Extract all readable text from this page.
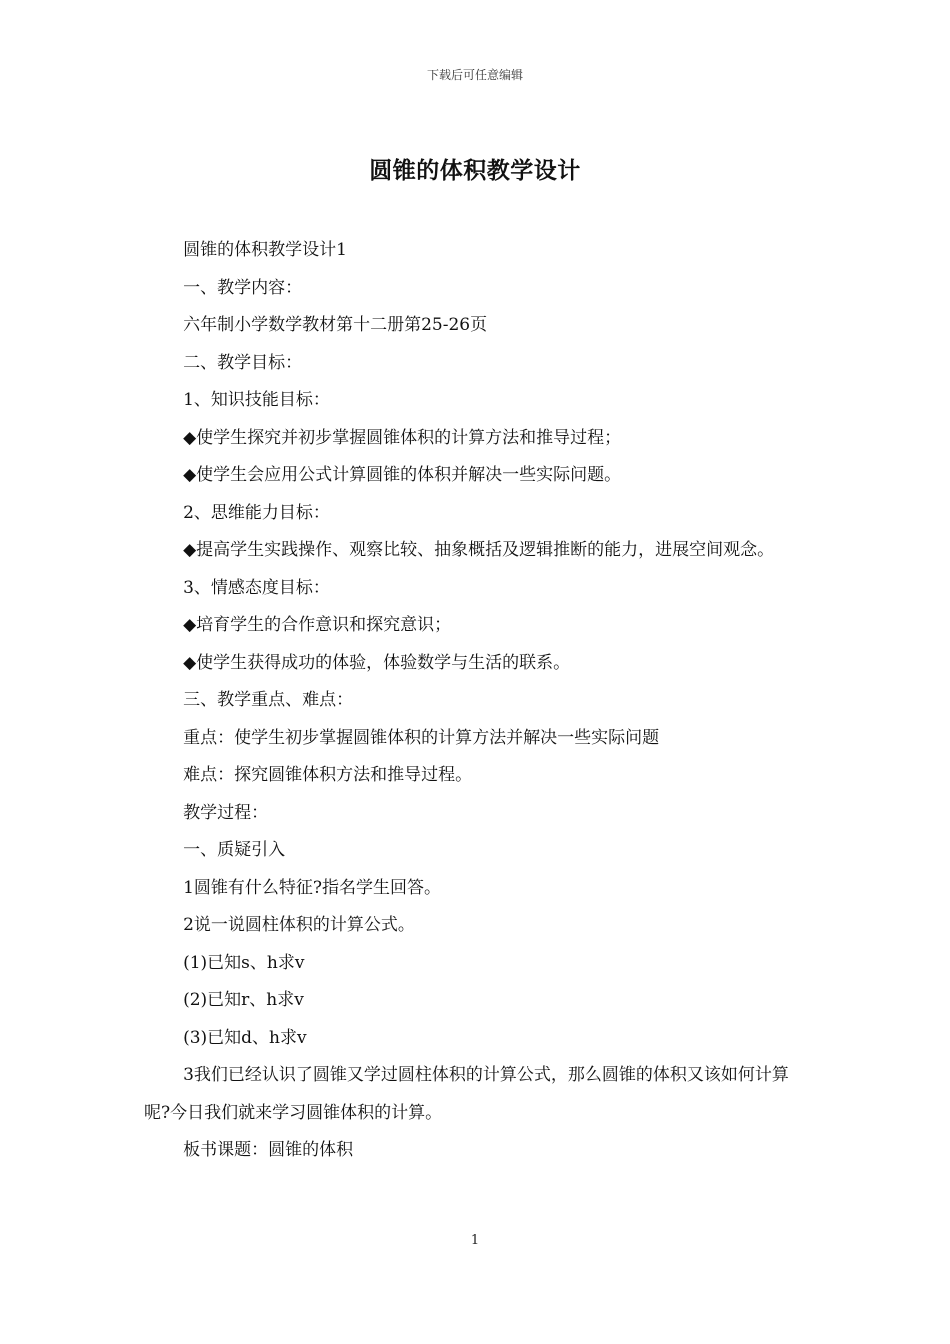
下载后可任意编辑
圆锥的体积教学设计

圆锥的体积教学设计1

一、教学内容：

六年制小学数学教材第十二册第25-26页

二、教学目标：

1、知识技能目标：

◆使学生探究并初步掌握圆锥体积的计算方法和推导过程；

◆使学生会应用公式计算圆锥的体积并解决一些实际问题。

2、思维能力目标：

◆提高学生实践操作、观察比较、抽象概括及逻辑推断的能力，进展空间观念。

3、情感态度目标：

◆培育学生的合作意识和探究意识；

◆使学生获得成功的体验，体验数学与生活的联系。

三、教学重点、难点：

重点：使学生初步掌握圆锥体积的计算方法并解决一些实际问题

难点：探究圆锥体积方法和推导过程。

教学过程：

一、质疑引入

1圆锥有什么特征?指名学生回答。

2说一说圆柱体积的计算公式。

(1)已知s、h求v

(2)已知r、h求v

(3)已知d、h求v

3我们已经认识了圆锥又学过圆柱体积的计算公式，那么圆锥的体积又该如何计算呢?今日我们就来学习圆锥体积的计算。

板书课题：圆锥的体积

1
